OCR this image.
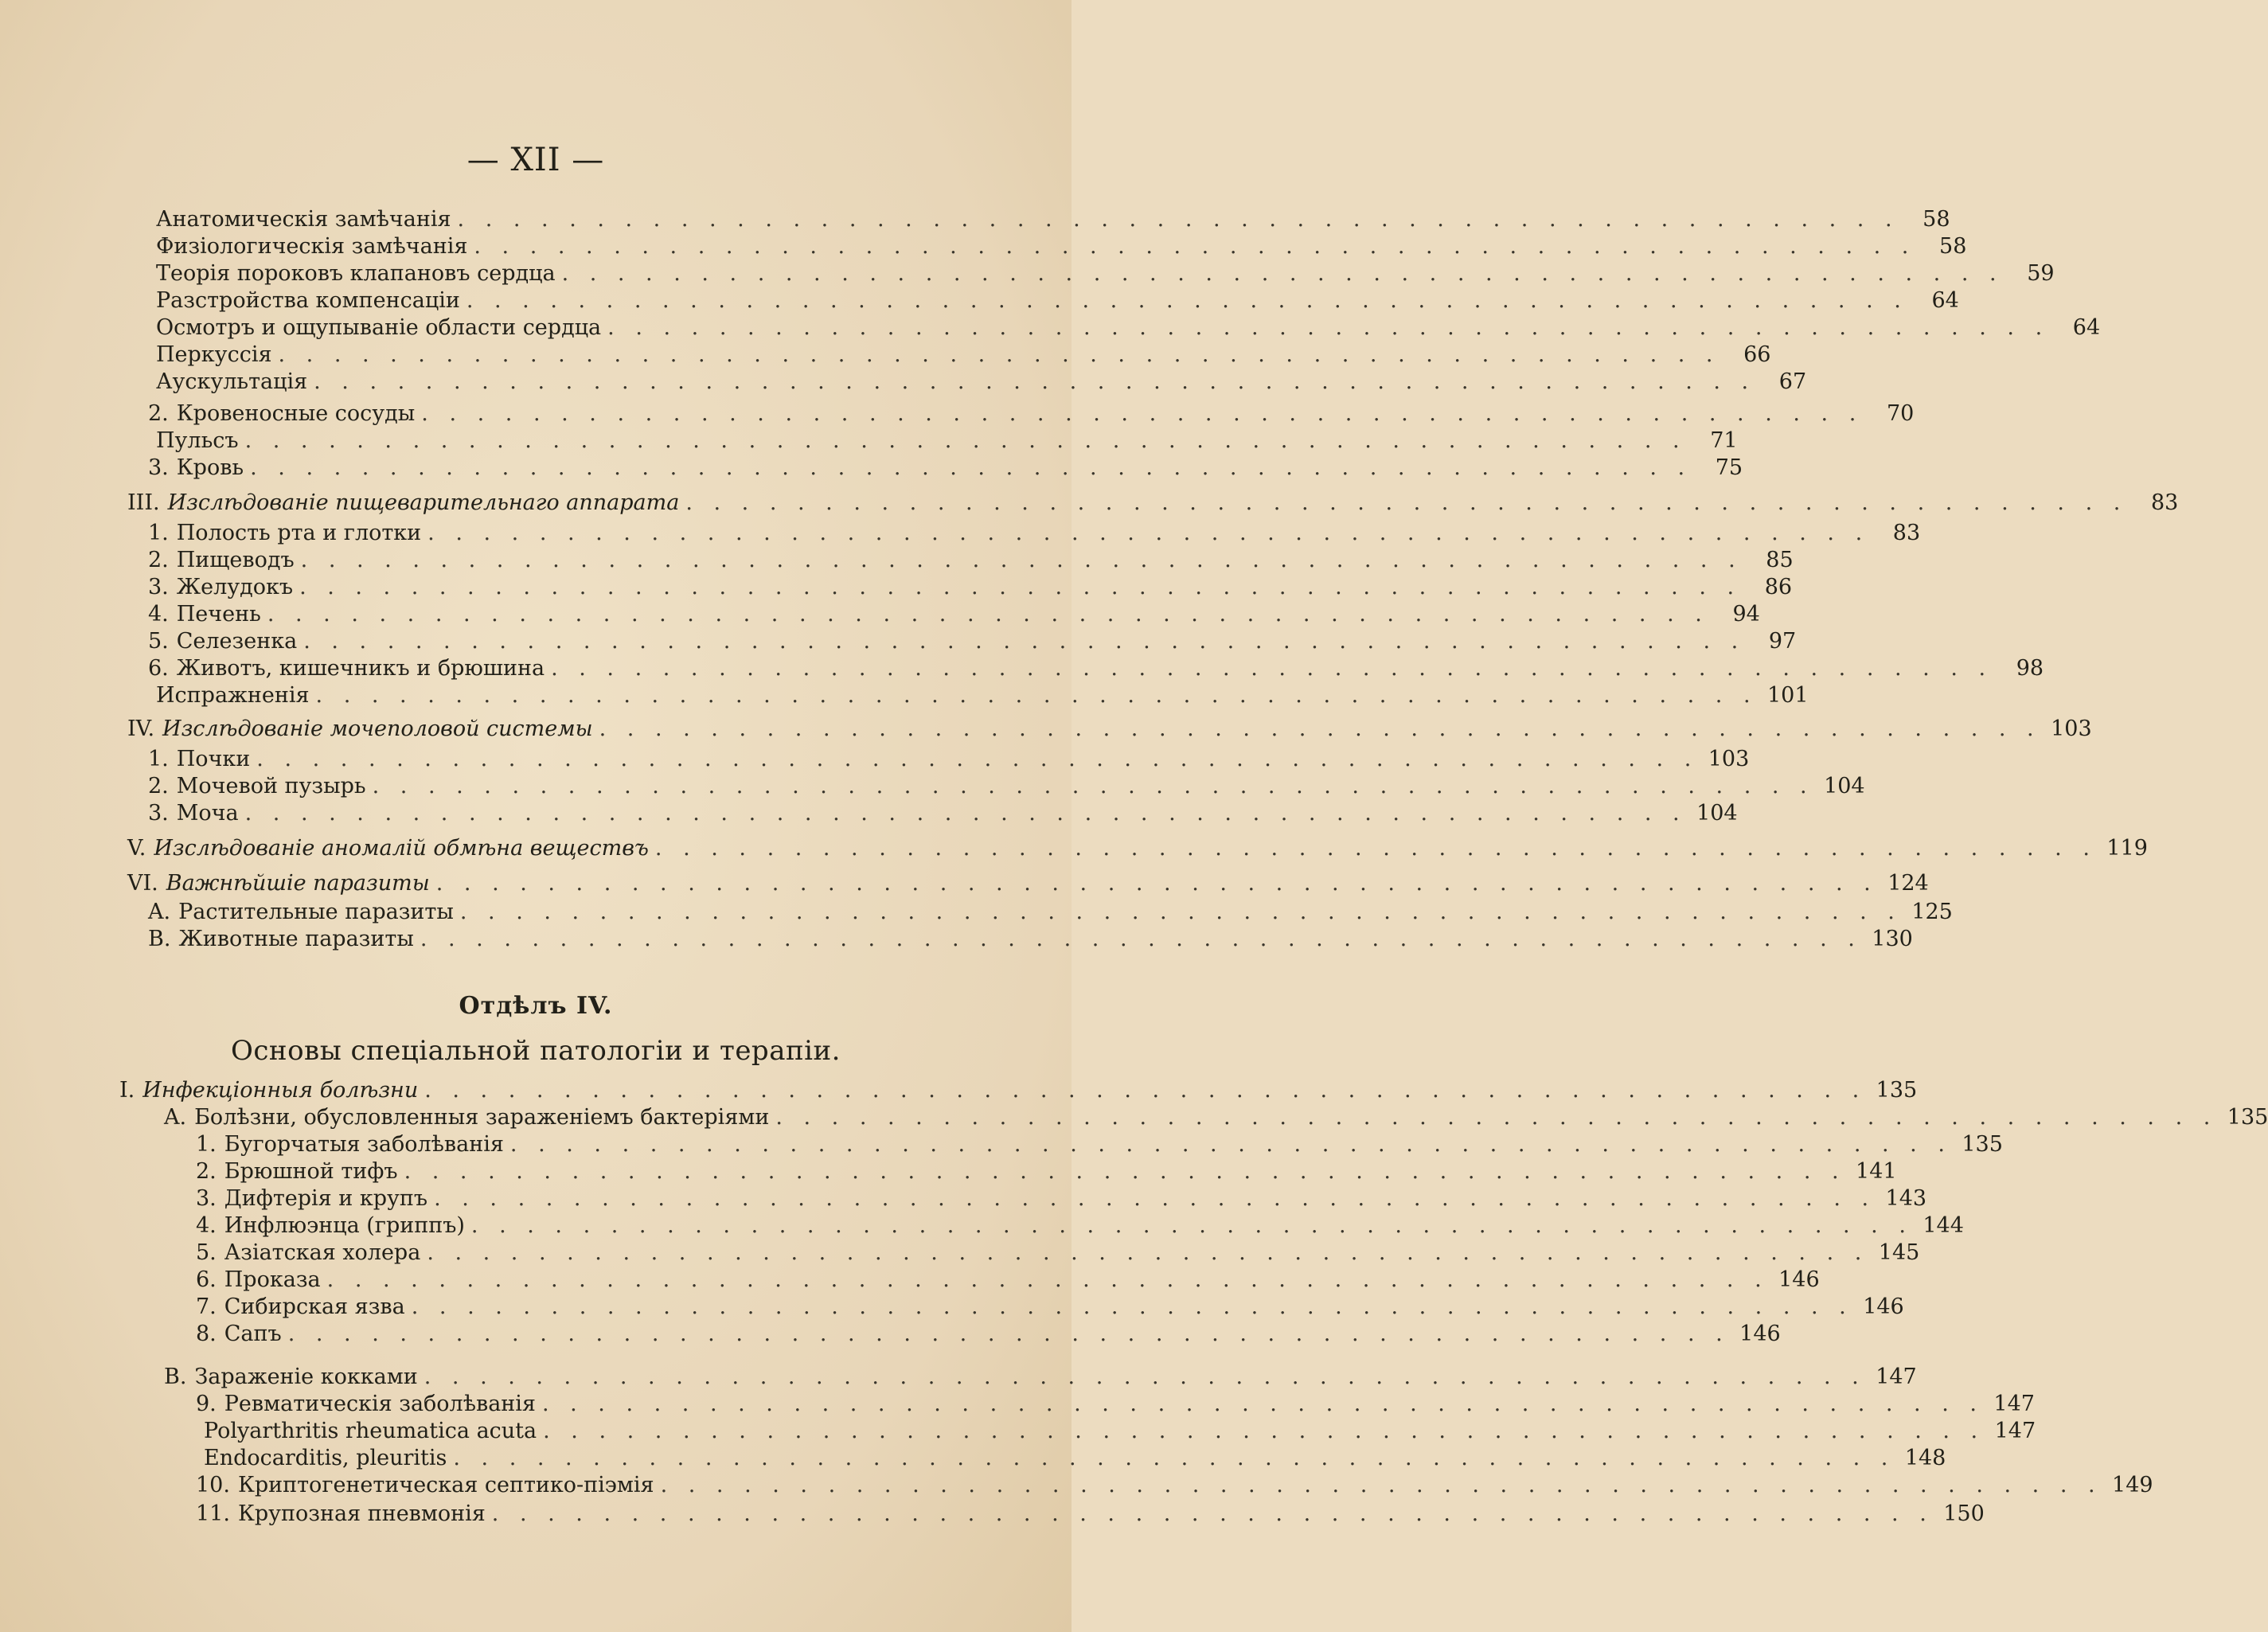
— XII —
Анатомическія замѣчанія . . . . . . . . . . . . . . . . . . . . . . . . . . . . . . . . . . . . . . . . . . . . . . . . . . . .	58
Физіологическія замѣчанія . . . . . . . . . . . . . . . . . . . . . . . . . . . . . . . . . . . . . . . . . . . . . . . . . . . .	58
Теорія пороковъ клапановъ сердца . . . . . . . . . . . . . . . . . . . . . . . . . . . . . . . . . . . . . . . . . . . . . . . . . . . .	59
Разстройства компенсаціи . . . . . . . . . . . . . . . . . . . . . . . . . . . . . . . . . . . . . . . . . . . . . . . . . . . .	64
Осмотръ и ощупываніе области сердца . . . . . . . . . . . . . . . . . . . . . . . . . . . . . . . . . . . . . . . . . . . . . . . . . . . .	64
Перкуссія . . . . . . . . . . . . . . . . . . . . . . . . . . . . . . . . . . . . . . . . . . . . . . . . . . . .	66
Аускультація . . . . . . . . . . . . . . . . . . . . . . . . . . . . . . . . . . . . . . . . . . . . . . . . . . . .	67
2. Кровеносные сосуды . . . . . . . . . . . . . . . . . . . . . . . . . . . . . . . . . . . . . . . . . . . . . . . . . . . .	70
Пульсъ . . . . . . . . . . . . . . . . . . . . . . . . . . . . . . . . . . . . . . . . . . . . . . . . . . . .	71
3. Кровь . . . . . . . . . . . . . . . . . . . . . . . . . . . . . . . . . . . . . . . . . . . . . . . . . . . .	75
III. Изслѣдованіе пищеварительнаго аппарата . . . . . . . . . . . . . . . . . . . . . . . . . . . . . . . . . . . . . . . . . . . . . . . . . . . .	83
1. Полость рта и глотки . . . . . . . . . . . . . . . . . . . . . . . . . . . . . . . . . . . . . . . . . . . . . . . . . . . .	83
2. Пищеводъ . . . . . . . . . . . . . . . . . . . . . . . . . . . . . . . . . . . . . . . . . . . . . . . . . . . .	85
3. Желудокъ . . . . . . . . . . . . . . . . . . . . . . . . . . . . . . . . . . . . . . . . . . . . . . . . . . . .	86
4. Печень . . . . . . . . . . . . . . . . . . . . . . . . . . . . . . . . . . . . . . . . . . . . . . . . . . . .	94
5. Селезенка . . . . . . . . . . . . . . . . . . . . . . . . . . . . . . . . . . . . . . . . . . . . . . . . . . . .	97
6. Животъ, кишечникъ и брюшина . . . . . . . . . . . . . . . . . . . . . . . . . . . . . . . . . . . . . . . . . . . . . . . . . . . .	98
Испражненія . . . . . . . . . . . . . . . . . . . . . . . . . . . . . . . . . . . . . . . . . . . . . . . . . . . . 101
IV. Изслѣдованіе мочеполовой системы . . . . . . . . . . . . . . . . . . . . . . . . . . . . . . . . . . . . . . . . . . . . . . . . . . . . 103
1. Почки . . . . . . . . . . . . . . . . . . . . . . . . . . . . . . . . . . . . . . . . . . . . . . . . . . . . 103
2. Мочевой пузырь . . . . . . . . . . . . . . . . . . . . . . . . . . . . . . . . . . . . . . . . . . . . . . . . . . . . 104
3. Моча . . . . . . . . . . . . . . . . . . . . . . . . . . . . . . . . . . . . . . . . . . . . . . . . . . . . 104
V. Изслѣдованіе аномалій обмѣна веществъ . . . . . . . . . . . . . . . . . . . . . . . . . . . . . . . . . . . . . . . . . . . . . . . . . . . . 119
VI. Важнѣйшіе паразиты . . . . . . . . . . . . . . . . . . . . . . . . . . . . . . . . . . . . . . . . . . . . . . . . . . . . 124
A. Растительные паразиты . . . . . . . . . . . . . . . . . . . . . . . . . . . . . . . . . . . . . . . . . . . . . . . . . . . . 125
B. Животные паразиты . . . . . . . . . . . . . . . . . . . . . . . . . . . . . . . . . . . . . . . . . . . . . . . . . . . . 130
Отдѣлъ IV.
Основы спеціальной патологіи и терапіи.
I. Инфекціонныя болѣзни . . . . . . . . . . . . . . . . . . . . . . . . . . . . . . . . . . . . . . . . . . . . . . . . . . . . 135
A. Болѣзни, обусловленныя зараженіемъ бактеріями . . . . . . . . . . . . . . . . . . . . . . . . . . . . . . . . . . . . . . . . . . . . . . . . . . . . 135
1. Бугорчатыя заболѣванія . . . . . . . . . . . . . . . . . . . . . . . . . . . . . . . . . . . . . . . . . . . . . . . . . . . . 135
2. Брюшной тифъ . . . . . . . . . . . . . . . . . . . . . . . . . . . . . . . . . . . . . . . . . . . . . . . . . . . . 141
3. Дифтерія и крупъ . . . . . . . . . . . . . . . . . . . . . . . . . . . . . . . . . . . . . . . . . . . . . . . . . . . . 143
4. Инфлюэнца (гриппъ) . . . . . . . . . . . . . . . . . . . . . . . . . . . . . . . . . . . . . . . . . . . . . . . . . . . . 144
5. Азіатская холера . . . . . . . . . . . . . . . . . . . . . . . . . . . . . . . . . . . . . . . . . . . . . . . . . . . . 145
6. Проказа . . . . . . . . . . . . . . . . . . . . . . . . . . . . . . . . . . . . . . . . . . . . . . . . . . . . 146
7. Сибирская язва . . . . . . . . . . . . . . . . . . . . . . . . . . . . . . . . . . . . . . . . . . . . . . . . . . . . 146
8. Сапъ . . . . . . . . . . . . . . . . . . . . . . . . . . . . . . . . . . . . . . . . . . . . . . . . . . . . 146
B. Зараженіе кокками . . . . . . . . . . . . . . . . . . . . . . . . . . . . . . . . . . . . . . . . . . . . . . . . . . . . 147
9. Ревматическія заболѣванія . . . . . . . . . . . . . . . . . . . . . . . . . . . . . . . . . . . . . . . . . . . . . . . . . . . . 147
Polyarthritis rheumatica acuta . . . . . . . . . . . . . . . . . . . . . . . . . . . . . . . . . . . . . . . . . . . . . . . . . . . . 147
Endocarditis, pleuritis . . . . . . . . . . . . . . . . . . . . . . . . . . . . . . . . . . . . . . . . . . . . . . . . . . . . 148
10. Криптогенетическая септико-піэмія . . . . . . . . . . . . . . . . . . . . . . . . . . . . . . . . . . . . . . . . . . . . . . . . . . . . 149
11. Крупозная пневмонія . . . . . . . . . . . . . . . . . . . . . . . . . . . . . . . . . . . . . . . . . . . . . . . . . . . . 150
